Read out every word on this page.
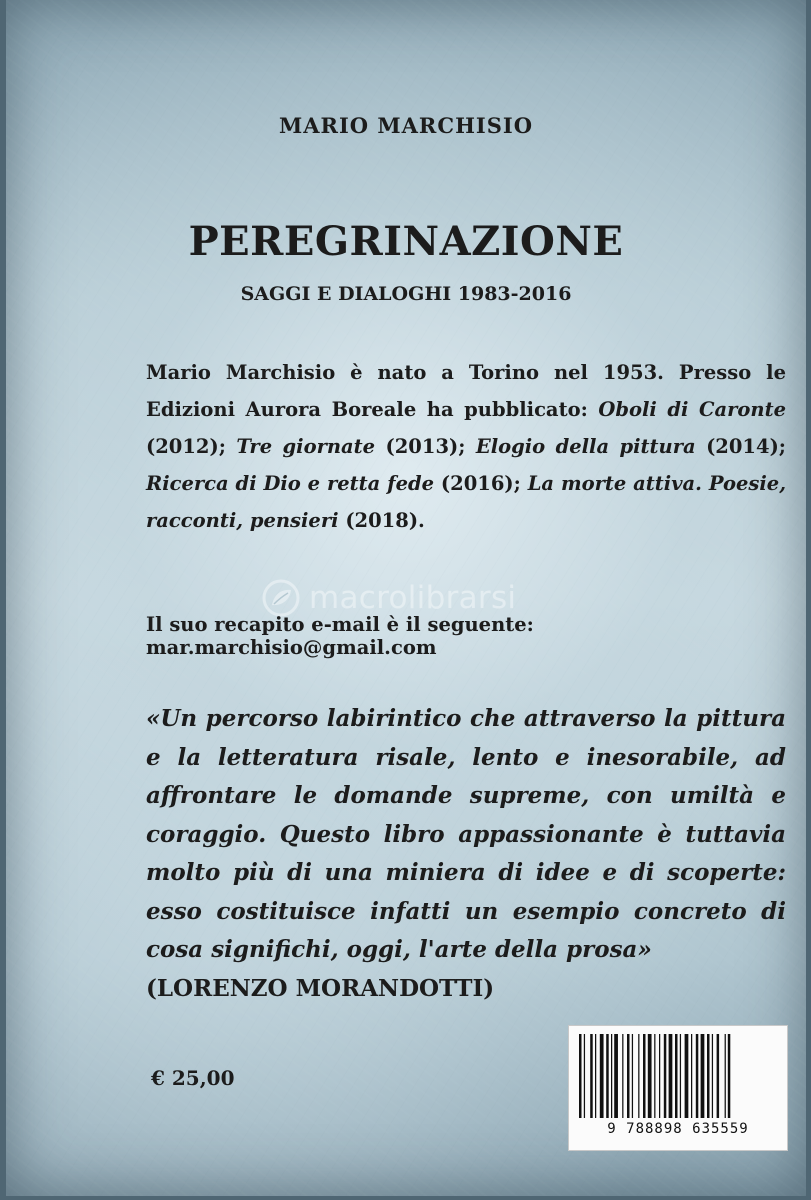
MARIO MARCHISIO
PEREGRINAZIONE
SAGGI E DIALOGHI 1983-2016
Mario Marchisio è nato a Torino nel 1953. Presso le Edizioni Aurora Boreale ha pubblicato: Oboli di Caronte (2012); Tre giornate (2013); Elogio della pittura (2014); Ricerca di Dio e retta fede (2016); La morte attiva. Poesie, racconti, pensieri (2018).
Il suo recapito e-mail è il seguente: mar.marchisio@gmail.com
«Un percorso labirintico che attraverso la pittura e la letteratura risale, lento e inesorabile, ad affrontare le domande supreme, con umiltà e coraggio. Questo libro appassionante è tuttavia molto più di una miniera di idee e di scoperte: esso costituisce infatti un esempio concreto di cosa significhi, oggi, l'arte della prosa»
(LORENZO MORANDOTTI)
€ 25,00
macrolibrarsi
9 788898 635559
